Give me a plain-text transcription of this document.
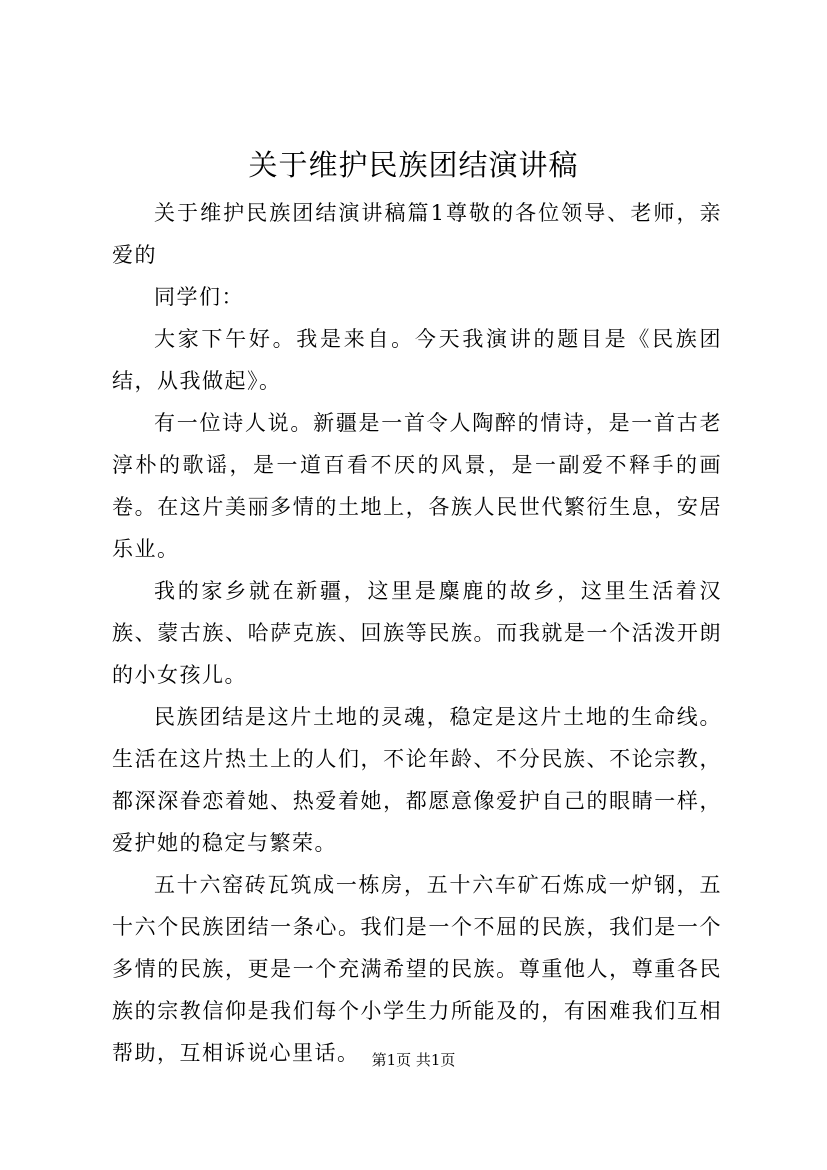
关于维护民族团结演讲稿

关于维护民族团结演讲稿篇1尊敬的各位领导、老师，亲爱的

同学们：

大家下午好。我是来自。今天我演讲的题目是《民族团结，从我做起》。

有一位诗人说。新疆是一首令人陶醉的情诗，是一首古老淳朴的歌谣，是一道百看不厌的风景，是一副爱不释手的画卷。在这片美丽多情的土地上，各族人民世代繁衍生息，安居乐业。

我的家乡就在新疆，这里是麋鹿的故乡，这里生活着汉族、蒙古族、哈萨克族、回族等民族。而我就是一个活泼开朗的小女孩儿。

民族团结是这片土地的灵魂，稳定是这片土地的生命线。生活在这片热土上的人们，不论年龄、不分民族、不论宗教，都深深眷恋着她、热爱着她，都愿意像爱护自己的眼睛一样，爱护她的稳定与繁荣。

五十六窑砖瓦筑成一栋房，五十六车矿石炼成一炉钢，五十六个民族团结一条心。我们是一个不屈的民族，我们是一个多情的民族，更是一个充满希望的民族。尊重他人，尊重各民族的宗教信仰是我们每个小学生力所能及的，有困难我们互相帮助，互相诉说心里话。 第1页 共1页
